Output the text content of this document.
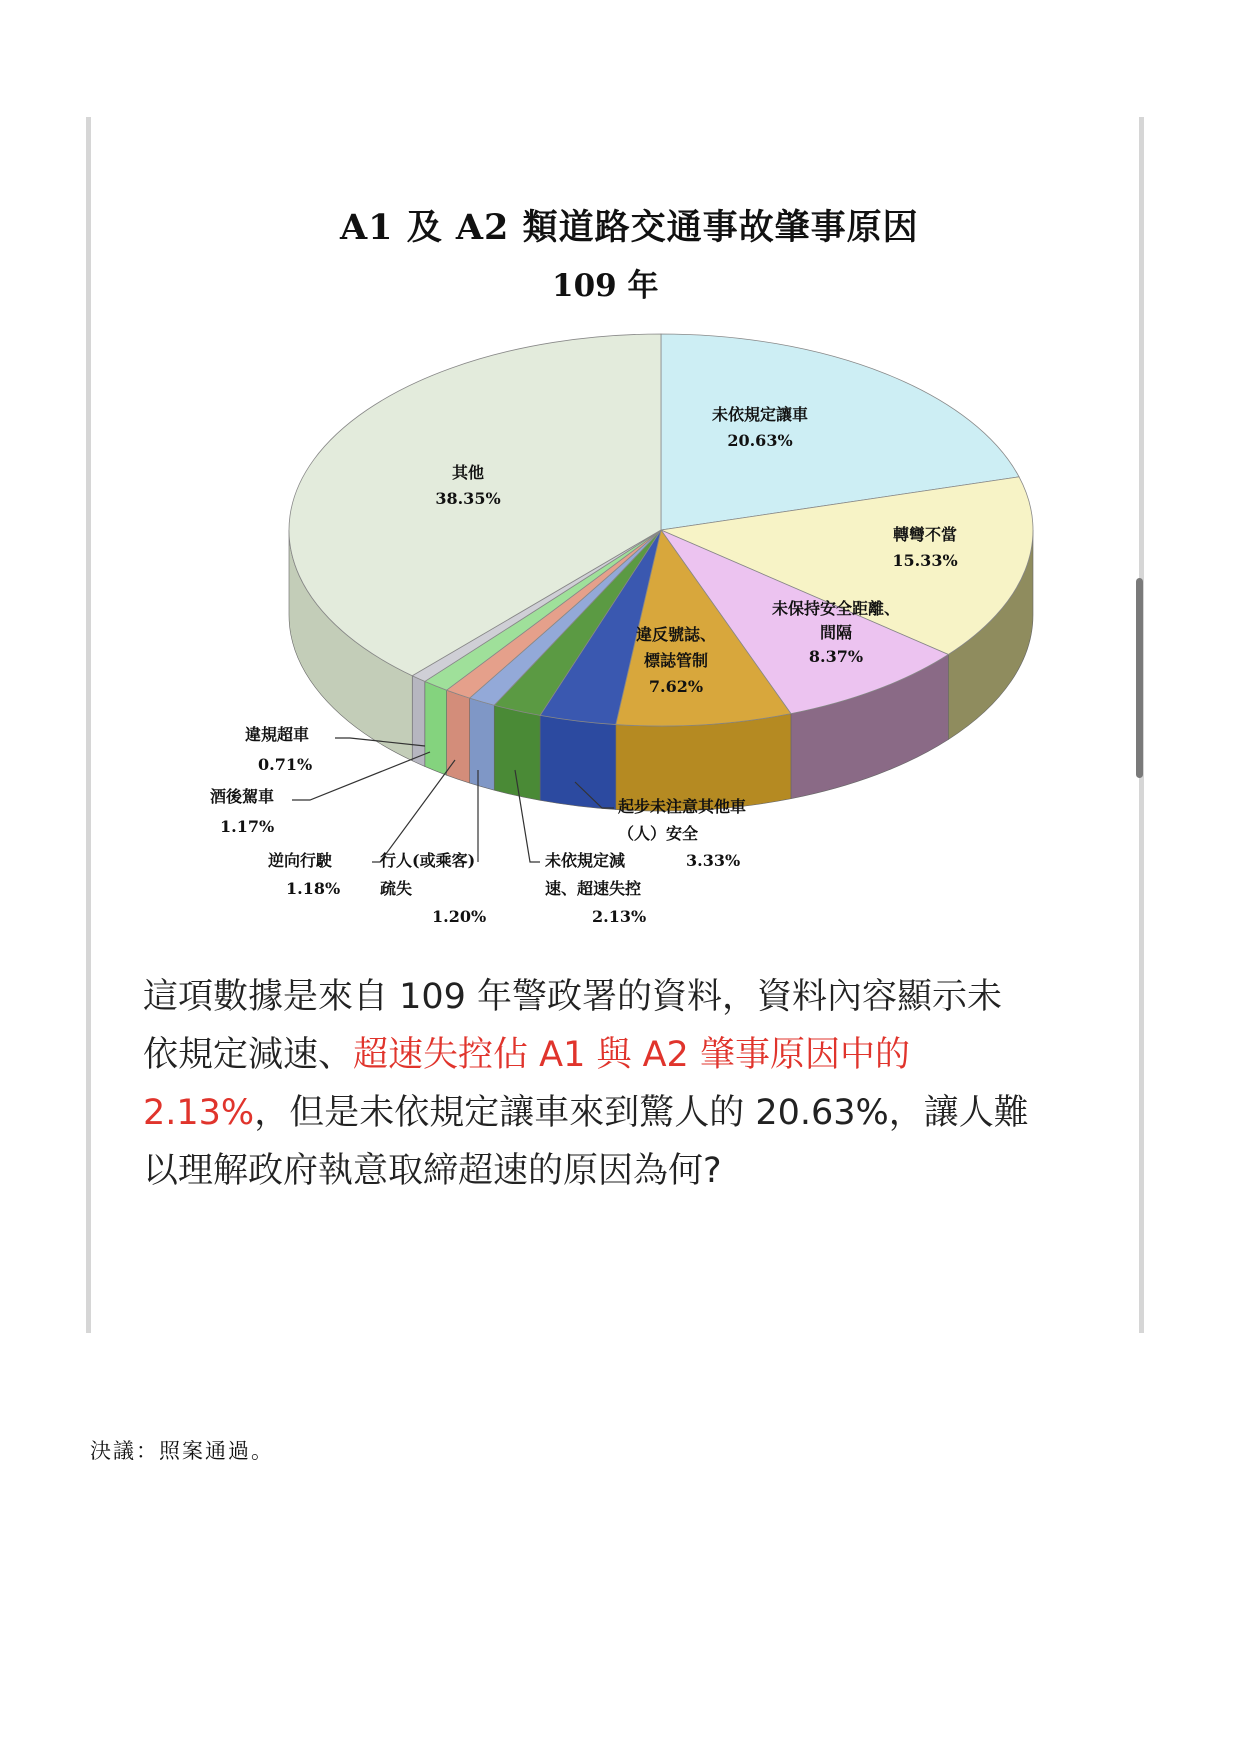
A1 及 A2 類道路交通事故肇事原因
109 年
未依規定讓車
20.63%
轉彎不當
15.33%
未保持安全距離、
間隔
8.37%
違反號誌、
標誌管制
7.62%
起步未注意其他車
（人）安全
3.33%
未依規定減
速、超速失控
2.13%
行人(或乘客)
疏失
1.20%
逆向行駛
1.18%
酒後駕車
1.17%
違規超車
0.71%
其他
38.35%

這項數據是來自 109 年警政署的資料，資料內容顯示未

依規定減速、超速失控佔 A1 與 A2 肇事原因中的

2.13%，但是未依規定讓車來到驚人的 20.63%，讓人難

以理解政府執意取締超速的原因為何?

決議：照案通過。
